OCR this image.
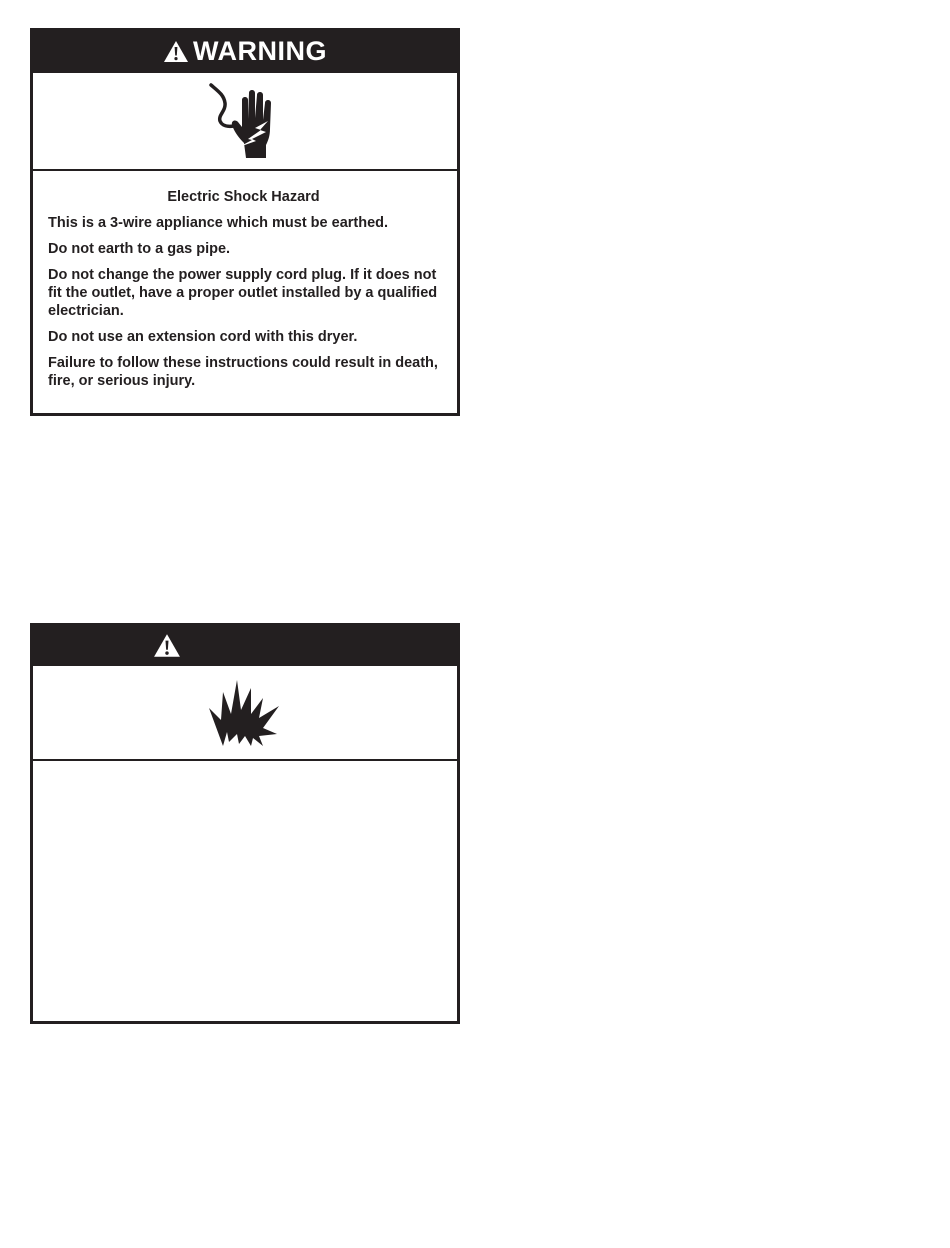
WARNING

Electric Shock Hazard

This is a 3-wire appliance which must be earthed.

Do not earth to a gas pipe.

Do not change the power supply cord plug. If it does not fit the outlet, have a proper outlet installed by a qualified electrician.

Do not use an extension cord with this dryer.

Failure to follow these instructions could result in death, fire, or serious injury.
